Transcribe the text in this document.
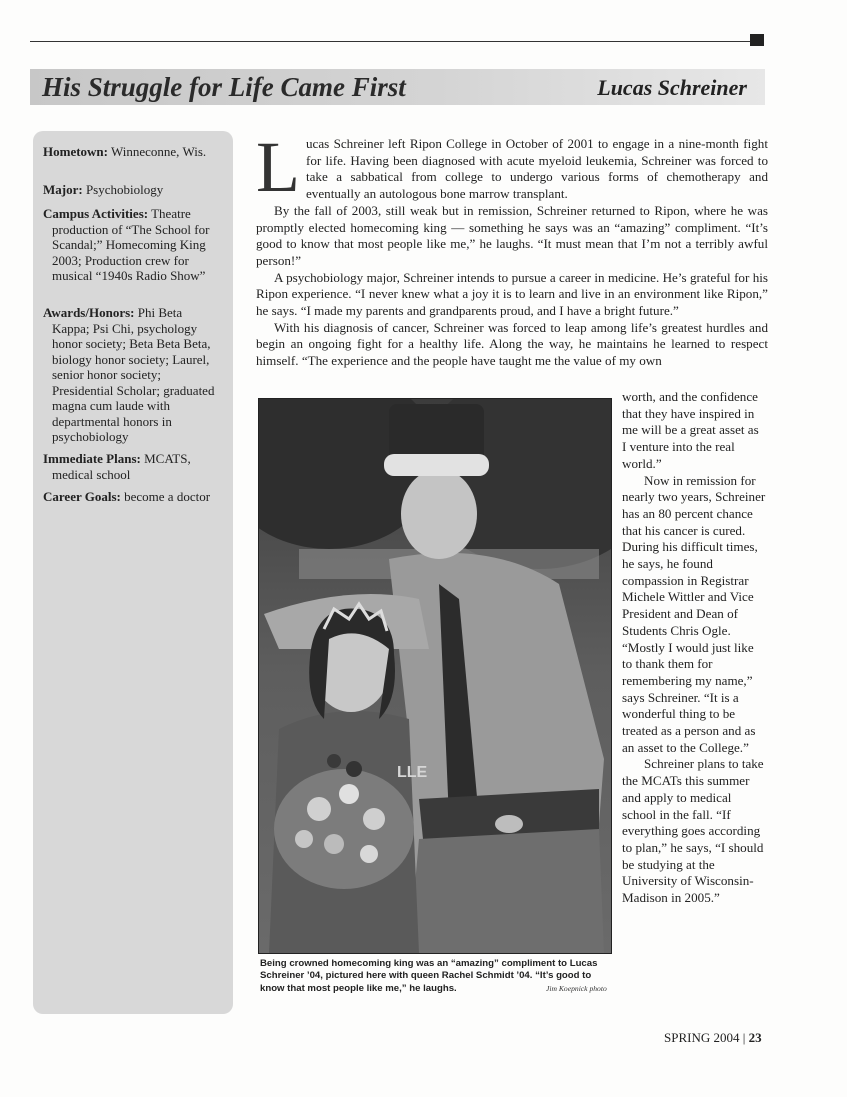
His Struggle for Life Came First	Lucas Schreiner
Hometown: Winneconne, Wis.
Major: Psychobiology
Campus Activities: Theatre production of “The School for Scandal;” Homecoming King 2003; Production crew for musical “1940s Radio Show”
Awards/Honors: Phi Beta Kappa; Psi Chi, psychology honor society; Beta Beta Beta, biology honor society; Laurel, senior honor society; Presidential Scholar; graduated magna cum laude with departmental honors in psychobiology
Immediate Plans: MCATS, medical school
Career Goals: become a doctor

Lucas Schreiner left Ripon College in October of 2001 to engage in a nine-month fight for life. Having been diagnosed with acute myeloid leukemia, Schreiner was forced to take a sabbatical from college to undergo various forms of chemotherapy and eventually an autologous bone marrow transplant.

By the fall of 2003, still weak but in remission, Schreiner returned to Ripon, where he was promptly elected homecoming king — something he says was an “amazing” compliment. “It’s good to know that most people like me,” he laughs. “It must mean that I’m not a terribly awful person!”

A psychobiology major, Schreiner intends to pursue a career in medicine. He’s grateful for his Ripon experience. “I never knew what a joy it is to learn and live in an environment like Ripon,” he says. “I made my parents and grandparents proud, and I have a bright future.”

With his diagnosis of cancer, Schreiner was forced to leap among life’s greatest hurdles and begin an ongoing fight for a healthy life. Along the way, he maintains he learned to respect himself. “The experience and the people have taught me the value of my own

LLE

worth, and the confidence that they have inspired in me will be a great asset as I venture into the real world.”

Now in remission for nearly two years, Schreiner has an 80 percent chance that his cancer is cured. During his difficult times, he says, he found compassion in Registrar Michele Wittler and Vice President and Dean of Students Chris Ogle. “Mostly I would just like to thank them for remembering my name,” says Schreiner. “It is a wonderful thing to be treated as a person and as an asset to the College.”

Schreiner plans to take the MCATs this summer and apply to medical school in the fall. “If everything goes according to plan,” he says, “I should be studying at the University of Wisconsin-Madison in 2005.”

Being crowned homecoming king was an “amazing” compliment to Lucas Schreiner ’04, pictured here with queen Rachel Schmidt ’04. “It’s good to know that most people like me,” he laughs.	Jim Koepnick photo
SPRING 2004 | 23
